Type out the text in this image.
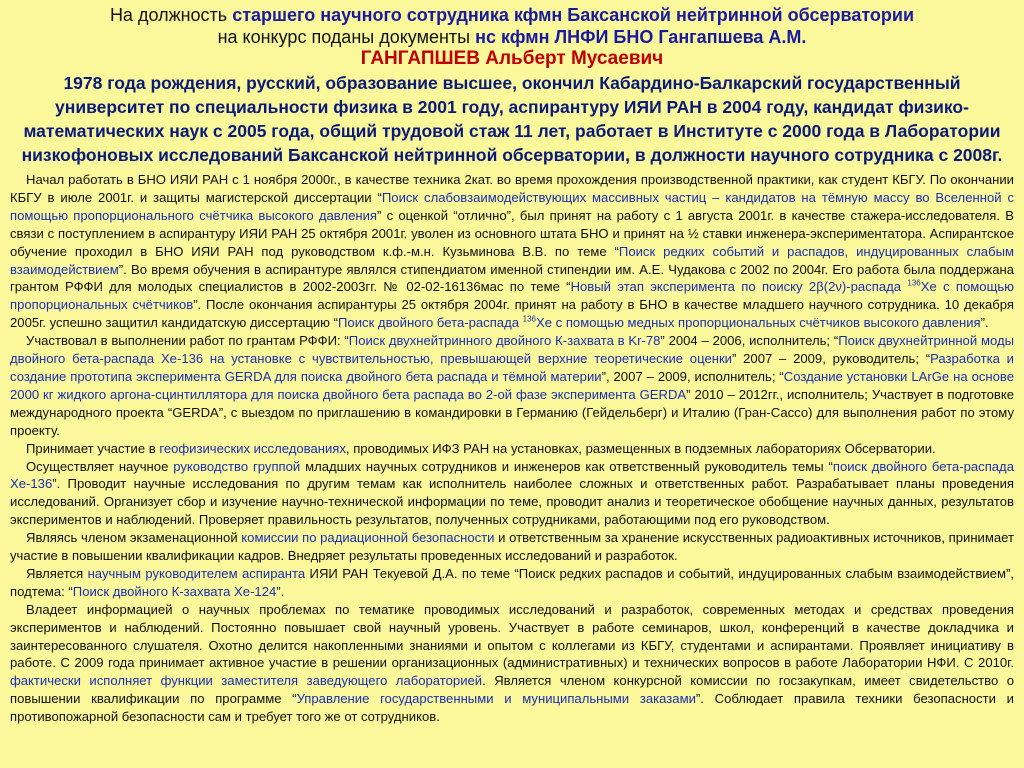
На должность старшего научного сотрудника кфмн Баксанской нейтринной обсерватории
на конкурс поданы документы нс кфмн ЛНФИ БНО Гангапшева А.М.
ГАНГАПШЕВ Альберт Мусаевич
1978 года рождения, русский, образование высшее, окончил Кабардино-Балкарский государственный университет по специальности физика в 2001 году, аспирантуру ИЯИ РАН в 2004 году, кандидат физико-математических наук с 2005 года, общий трудовой стаж 11 лет, работает в Институте с 2000 года в Лаборатории низкофоновых исследований Баксанской нейтринной обсерватории, в должности научного сотрудника с 2008г.

Начал работать в БНО ИЯИ РАН с 1 ноября 2000г., в качестве техника 2кат. во время прохождения производственной практики, как студент КБГУ. По окончании КБГУ в июле 2001г. и защиты магистерской диссертации “Поиск слабовзаимодействующих массивных частиц – кандидатов на тёмную массу во Вселенной с помощью пропорционального счётчика высокого давления” с оценкой “отлично”, был принят на работу с 1 августа 2001г. в качестве стажера-исследователя. В связи с поступлением в аспирантуру ИЯИ РАН 25 октября 2001г. уволен из основного штата БНО и принят на ½ ставки инженера-экспериментатора. Аспирантское обучение проходил в БНО ИЯИ РАН под руководством к.ф.-м.н. Кузьминова В.В. по теме “Поиск редких событий и распадов, индуцированных слабым взаимодействием”. Во время обучения в аспирантуре являлся стипендиатом именной стипендии им. А.Е. Чудакова с 2002 по 2004г. Его работа была поддержана грантом РФФИ для молодых специалистов в 2002-2003гг. № 02-02-16136мас по теме “Новый этап эксперимента по поиску 2β(2ν)-распада $^{136}$Хе с помощью пропорциональных счётчиков”. После окончания аспирантуры 25 октября 2004г. принят на работу в БНО в качестве младшего научного сотрудника. 10 декабря 2005г. успешно защитил кандидатскую диссертацию “Поиск двойного бета-распада $^{136}$Хе с помощью медных пропорциональных счётчиков высокого давления”.

Участвовал в выполнении работ по грантам РФФИ: “Поиск двухнейтринного двойного К-захвата в Kr-78” 2004 – 2006, исполнитель; “Поиск двухнейтринной моды двойного бета-распада Хе-136 на установке с чувствительностью, превышающей верхние теоретические оценки” 2007 – 2009, руководитель; “Разработка и создание прототипа эксперимента GERDA для поиска двойного бета распада и тёмной материи”, 2007 – 2009, исполнитель; “Создание установки LArGe на основе 2000 кг жидкого аргона-сцинтиллятора для поиска двойного бета распада во 2-ой фазе эксперимента GERDA” 2010 – 2012гг., исполнитель; Участвует в подготовке международного проекта “GERDA”, с выездом по приглашению в командировки в Германию (Гейдельберг) и Италию (Гран-Сассо) для выполнения работ по этому проекту.

Принимает участие в геофизических исследованиях, проводимых ИФЗ РАН на установках, размещенных в подземных лабораториях Обсерватории.

Осуществляет научное руководство группой младших научных сотрудников и инженеров как ответственный руководитель темы “поиск двойного бета-распада Хе-136”. Проводит научные исследования по другим темам как исполнитель наиболее сложных и ответственных работ. Разрабатывает планы проведения исследований. Организует сбор и изучение научно-технической информации по теме, проводит анализ и теоретическое обобщение научных данных, результатов экспериментов и наблюдений. Проверяет правильность результатов, полученных сотрудниками, работающими под его руководством.

Являясь членом экзаменационной комиссии по радиационной безопасности и ответственным за хранение искусственных радиоактивных источников, принимает участие в повышении квалификации кадров. Внедряет результаты проведенных исследований и разработок.

Является научным руководителем аспиранта ИЯИ РАН Текуевой Д.А. по теме “Поиск редких распадов и событий, индуцированных слабым взаимодействием”, подтема: “Поиск двойного К-захвата Хе-124”.

Владеет информацией о научных проблемах по тематике проводимых исследований и разработок, современных методах и средствах проведения экспериментов и наблюдений. Постоянно повышает свой научный уровень. Участвует в работе семинаров, школ, конференций в качестве докладчика и заинтересованного слушателя. Охотно делится накопленными знаниями и опытом с коллегами из КБГУ, студентами и аспирантами. Проявляет инициативу в работе. С 2009 года принимает активное участие в решении организационных (административных) и технических вопросов в работе Лаборатории НФИ. С 2010г. фактически исполняет функции заместителя заведующего лабораторией. Является членом конкурсной комиссии по госзакупкам, имеет свидетельство о повышении квалификации по программе “Управление государственными и муниципальными заказами”. Соблюдает правила техники безопасности и противопожарной безопасности сам и требует того же от сотрудников.
